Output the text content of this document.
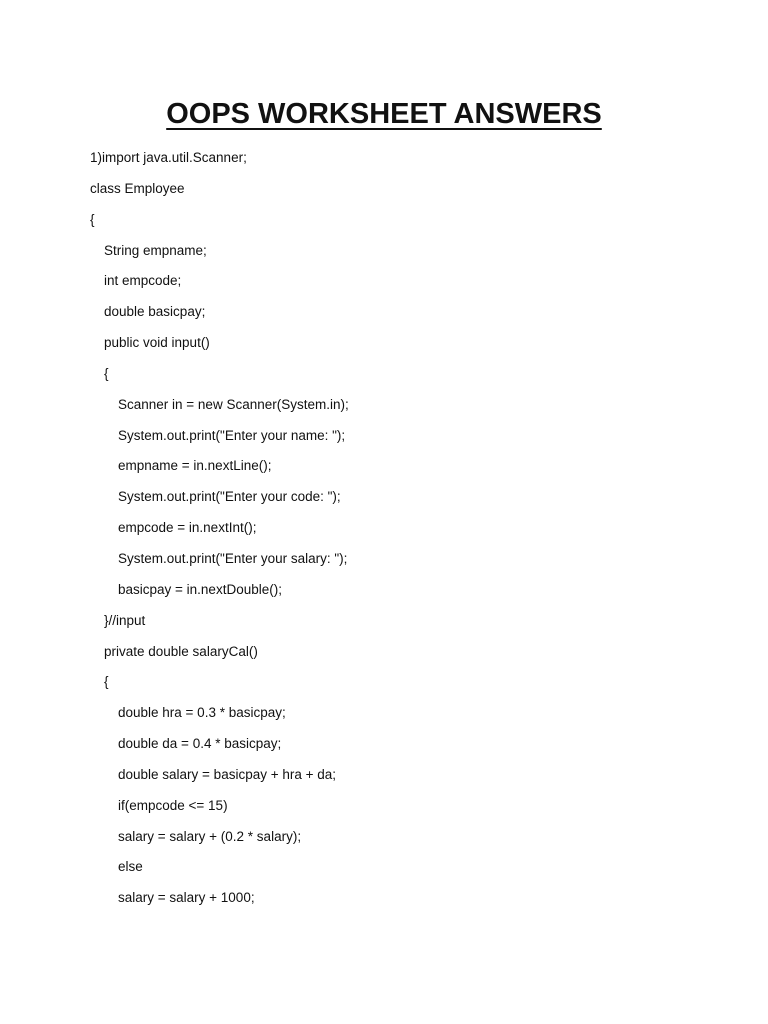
OOPS WORKSHEET ANSWERS
1)import java.util.Scanner;
class Employee
{
String empname;
int empcode;
double basicpay;
public void input()
{
Scanner in = new Scanner(System.in);
System.out.print("Enter your name: ");
empname = in.nextLine();
System.out.print("Enter your code: ");
empcode = in.nextInt();
System.out.print("Enter your salary: ");
basicpay = in.nextDouble();
}//input
private double salaryCal()
{
double hra = 0.3 * basicpay;
double da = 0.4 * basicpay;
double salary = basicpay + hra + da;
if(empcode <= 15)
salary = salary + (0.2 * salary);
else
salary = salary + 1000;
